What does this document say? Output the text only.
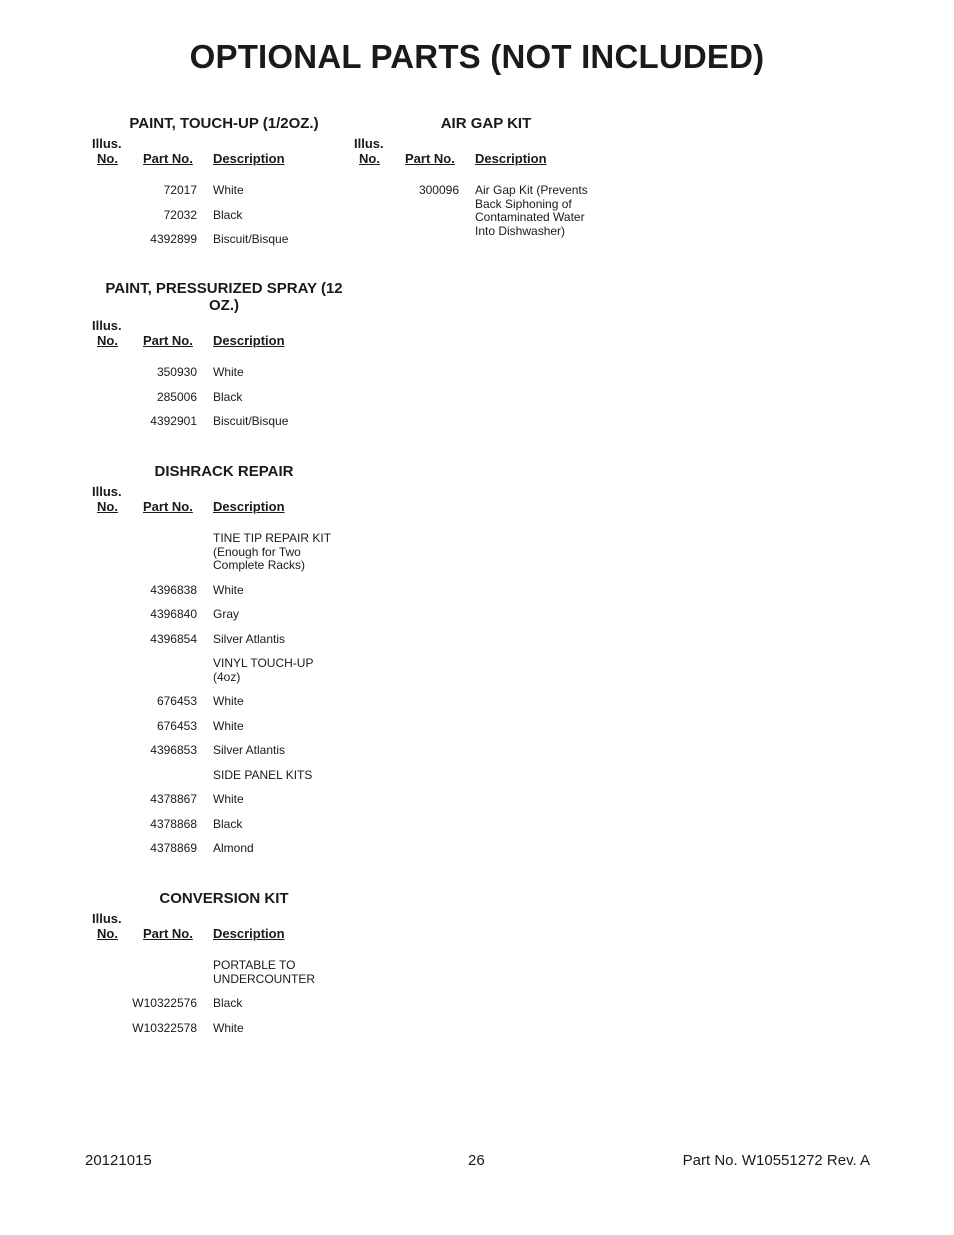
OPTIONAL PARTS (NOT INCLUDED)
PAINT, TOUCH-UP (1/2OZ.)
Illus.
No. Part No. Description
72017 White
72032 Black
4392899 Biscuit/Bisque
AIR GAP KIT
Illus.
No. Part No. Description
300096 Air Gap Kit (Prevents Back Siphoning of Contaminated Water Into Dishwasher)
PAINT, PRESSURIZED SPRAY (12 OZ.)
Illus.
No. Part No. Description
350930 White
285006 Black
4392901 Biscuit/Bisque
DISHRACK REPAIR
Illus.
No. Part No. Description
TINE TIP REPAIR KIT (Enough for Two Complete Racks)
4396838 White
4396840 Gray
4396854 Silver Atlantis
VINYL TOUCH-UP (4oz)
676453 White
676453 White
4396853 Silver Atlantis
SIDE PANEL KITS
4378867 White
4378868 Black
4378869 Almond
CONVERSION KIT
Illus.
No. Part No. Description
PORTABLE TO UNDERCOUNTER
W10322576 Black
W10322578 White
20121015	26	Part No. W10551272 Rev. A
